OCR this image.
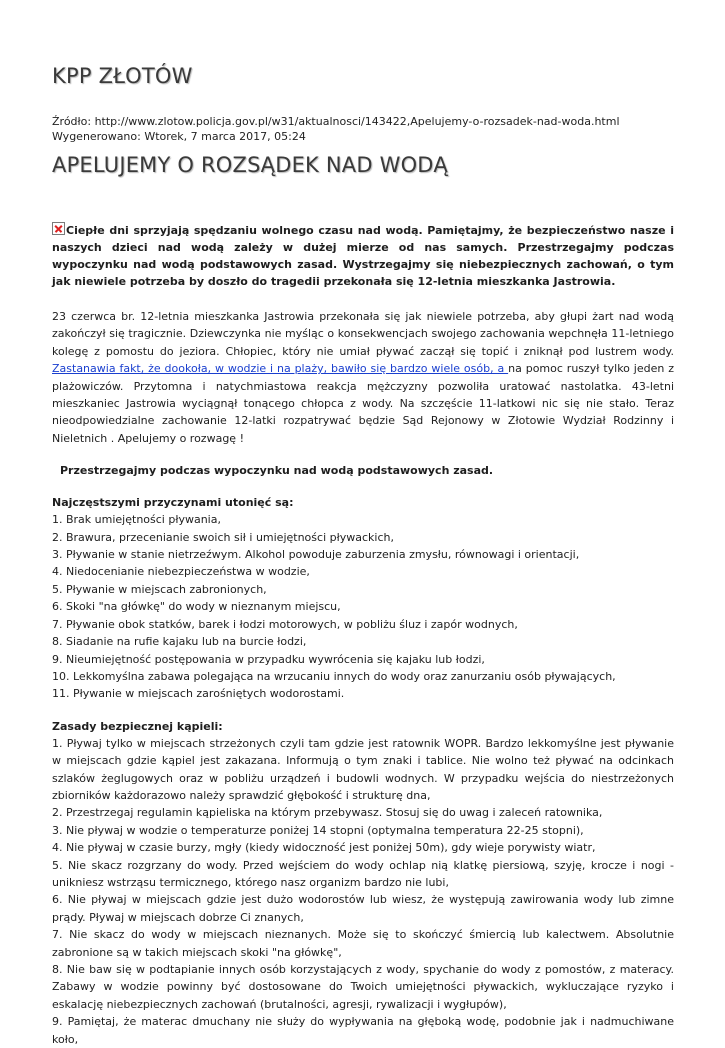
KPP ZŁOTÓW
Źródło: http://www.zlotow.policja.gov.pl/w31/aktualnosci/143422,Apelujemy-o-rozsadek-nad-woda.html
Wygenerowano: Wtorek, 7 marca 2017, 05:24
APELUJEMY O ROZSĄDEK NAD WODĄ

Ciepłe dni sprzyjają spędzaniu wolnego czasu nad wodą. Pamiętajmy, że bezpieczeństwo nasze i naszych dzieci nad wodą zależy w dużej mierze od nas samych. Przestrzegajmy podczas wypoczynku nad wodą podstawowych zasad. Wystrzegajmy się niebezpiecznych zachowań, o tym jak niewiele potrzeba by doszło do tragedii przekonała się 12-letnia mieszkanka Jastrowia.

23 czerwca br. 12-letnia mieszkanka Jastrowia przekonała się jak niewiele potrzeba, aby głupi żart nad wodą zakończył się tragicznie. Dziewczynka nie myśląc o konsekwencjach swojego zachowania wepchnęła 11-letniego kolegę z pomostu do jeziora. Chłopiec, który nie umiał pływać zaczął się topić i zniknął pod lustrem wody. Zastanawia fakt, że dookoła, w wodzie i na plaży, bawiło się bardzo wiele osób, a na pomoc ruszył tylko jeden z plażowiczów. Przytomna i natychmiastowa reakcja mężczyzny pozwoliła uratować nastolatka. 43-letni mieszkaniec Jastrowia wyciągnął tonącego chłopca z wody. Na szczęście 11-latkowi nic się nie stało. Teraz nieodpowiedzialne zachowanie 12-latki rozpatrywać będzie Sąd Rejonowy w Złotowie Wydział Rodzinny i Nieletnich . Apelujemy o rozwagę !

Przestrzegajmy podczas wypoczynku nad wodą podstawowych zasad.
Najczęstszymi przyczynami utonięć są:
1. Brak umiejętności pływania,
2. Brawura, przecenianie swoich sił i umiejętności pływackich,
3. Pływanie w stanie nietrzeźwym. Alkohol powoduje zaburzenia zmysłu, równowagi i orientacji,
4. Niedocenianie niebezpieczeństwa w wodzie,
5. Pływanie w miejscach zabronionych,
6. Skoki "na główkę" do wody w nieznanym miejscu,
7. Pływanie obok statków, barek i łodzi motorowych, w pobliżu śluz i zapór wodnych,
8. Siadanie na rufie kajaku lub na burcie łodzi,
9. Nieumiejętność postępowania w przypadku wywrócenia się kajaku lub łodzi,
10. Lekkomyślna zabawa polegająca na wrzucaniu innych do wody oraz zanurzaniu osób pływających,
11. Pływanie w miejscach zarośniętych wodorostami.
Zasady bezpiecznej kąpieli:
1. Pływaj tylko w miejscach strzeżonych czyli tam gdzie jest ratownik WOPR. Bardzo lekkomyślne jest pływanie w miejscach gdzie kąpiel jest zakazana. Informują o tym znaki i tablice. Nie wolno też pływać na odcinkach szlaków żeglugowych oraz w pobliżu urządzeń i budowli wodnych. W przypadku wejścia do niestrzeżonych zbiorników każdorazowo należy sprawdzić głębokość i strukturę dna,
2. Przestrzegaj regulamin kąpieliska na którym przebywasz. Stosuj się do uwag i zaleceń ratownika,
3. Nie pływaj w wodzie o temperaturze poniżej 14 stopni (optymalna temperatura 22-25 stopni),
4. Nie pływaj w czasie burzy, mgły (kiedy widoczność jest poniżej 50m), gdy wieje porywisty wiatr,
5. Nie skacz rozgrzany do wody. Przed wejściem do wody ochlap nią klatkę piersiową, szyję, krocze i nogi - unikniesz wstrząsu termicznego, którego nasz organizm bardzo nie lubi,
6. Nie pływaj w miejscach gdzie jest dużo wodorostów lub wiesz, że występują zawirowania wody lub zimne prądy. Pływaj w miejscach dobrze Ci znanych,
7. Nie skacz do wody w miejscach nieznanych. Może się to skończyć śmiercią lub kalectwem. Absolutnie zabronione są w takich miejscach skoki "na główkę",
8. Nie baw się w podtapianie innych osób korzystających z wody, spychanie do wody z pomostów, z materacy. Zabawy w wodzie powinny być dostosowane do Twoich umiejętności pływackich, wykluczające ryzyko i eskalację niebezpiecznych zachowań (brutalności, agresji, rywalizacji i wygłupów),
9. Pamiętaj, że materac dmuchany nie służy do wypływania na głęboką wodę, podobnie jak i nadmuchiwane koło,
